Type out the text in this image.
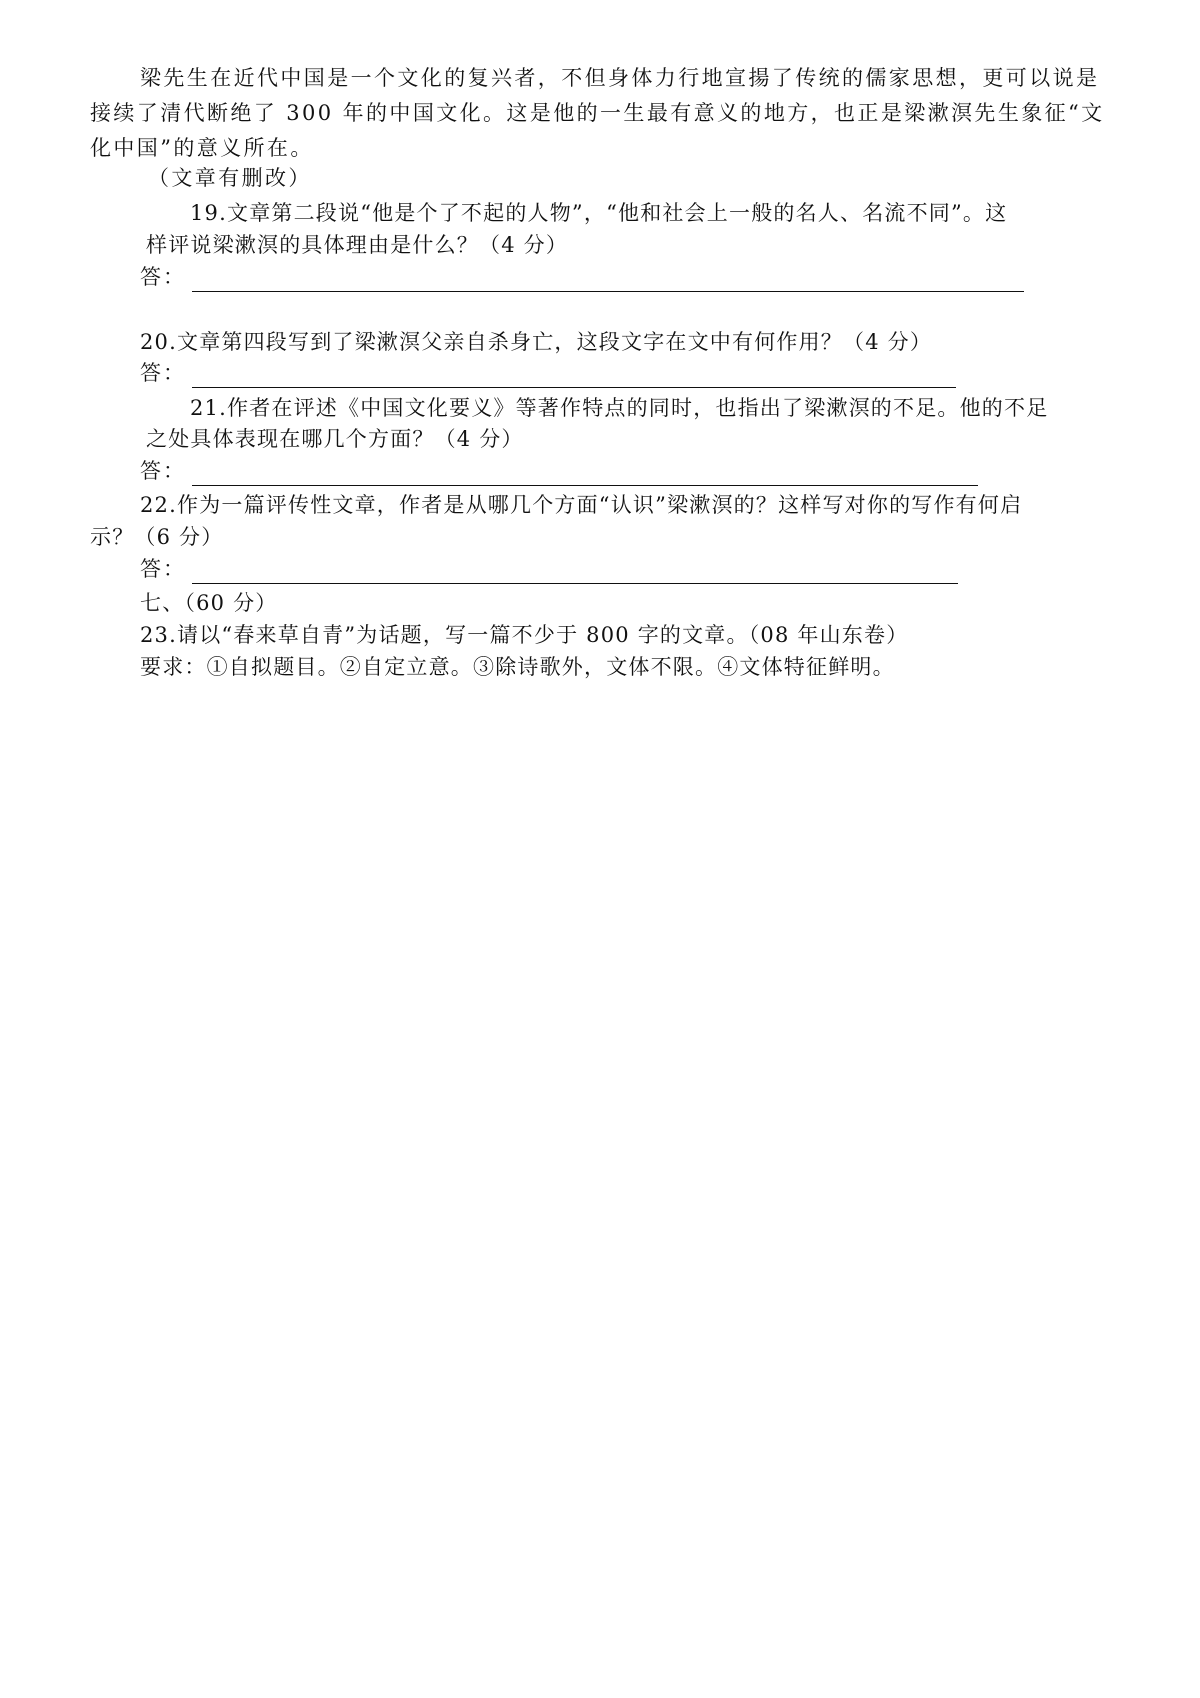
梁先生在近代中国是一个文化的复兴者，不但身体力行地宣揚了传统的儒家思想，更可以说是
接续了清代断绝了 300 年的中国文化。这是他的一生最有意义的地方，也正是梁漱溟先生象征“文
化中国”的意义所在。
（文章有删改）
19.文章第二段说“他是个了不起的人物”，“他和社会上一般的名人、名流不同”。这
样评说梁漱溟的具体理由是什么？（4 分）
答：
20.文章第四段写到了梁漱溟父亲自杀身亡，这段文字在文中有何作用？（4 分）
答：
21.作者在评述《中国文化要义》等著作特点的同时，也指出了梁漱溟的不足。他的不足
之处具体表现在哪几个方面？（4 分）
答：
22.作为一篇评传性文章，作者是从哪几个方面“认识”梁漱溟的？这样写对你的写作有何启
示？（6 分）
答：
七、（60 分）
23.请以“春来草自青”为话题，写一篇不少于 800 字的文章。（08 年山东卷）
要求：①自拟题目。②自定立意。③除诗歌外，文体不限。④文体特征鲜明。
